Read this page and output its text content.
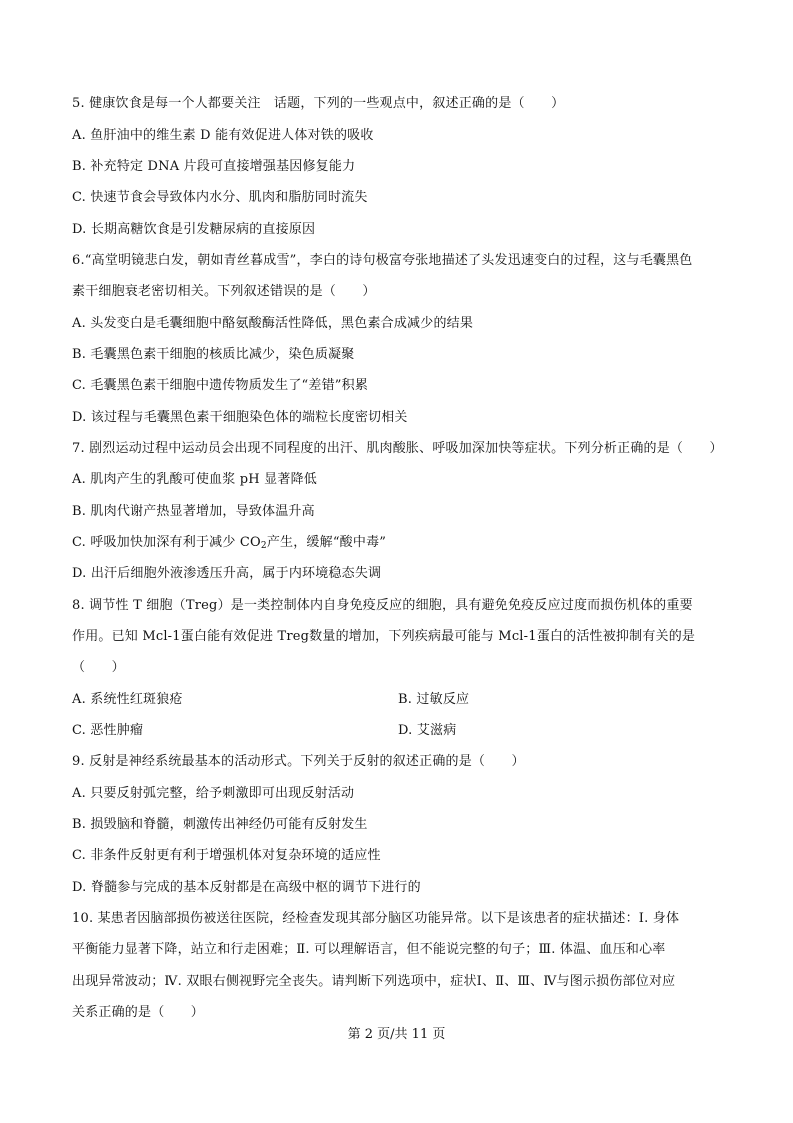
5. 健康饮食是每一个人都要关注　话题，下列的一些观点中，叙述正确的是（　　）
A. 鱼肝油中的维生素 D 能有效促进人体对铁的吸收
B. 补充特定 DNA 片段可直接增强基因修复能力
C. 快速节食会导致体内水分、肌肉和脂肪同时流失
D. 长期高糖饮食是引发糖尿病的直接原因
6.“高堂明镜悲白发，朝如青丝暮成雪”，李白的诗句极富夸张地描述了头发迅速变白的过程，这与毛囊黑色
素干细胞衰老密切相关。下列叙述错误的是（　　）
A. 头发变白是毛囊细胞中酪氨酸酶活性降低，黑色素合成减少的结果
B. 毛囊黑色素干细胞的核质比减少，染色质凝聚
C. 毛囊黑色素干细胞中遗传物质发生了“差错”积累
D. 该过程与毛囊黑色素干细胞染色体的端粒长度密切相关
7. 剧烈运动过程中运动员会出现不同程度的出汗、肌肉酸胀、呼吸加深加快等症状。下列分析正确的是（　　）
A. 肌肉产生的乳酸可使血浆 pH 显著降低
B. 肌肉代谢产热显著增加，导致体温升高
C. 呼吸加快加深有利于减少 $CO_2$产生，缓解“酸中毒”
D. 出汗后细胞外液渗透压升高，属于内环境稳态失调
8. 调节性 T 细胞（Treg）是一类控制体内自身免疫反应的细胞，具有避免免疫反应过度而损伤机体的重要
作用。已知 Mcl-1蛋白能有效促进 Treg数量的增加，下列疾病最可能与 Mcl-1蛋白的活性被抑制有关的是
（　　）
A. 系统性红斑狼疮	B. 过敏反应
C. 恶性肿瘤	D. 艾滋病
9. 反射是神经系统最基本的活动形式。下列关于反射的叙述正确的是（　　）
A. 只要反射弧完整，给予刺激即可出现反射活动
B. 损毁脑和脊髓，刺激传出神经仍可能有反射发生
C. 非条件反射更有利于增强机体对复杂环境的适应性
D. 脊髓参与完成的基本反射都是在高级中枢的调节下进行的
10. 某患者因脑部损伤被送往医院，经检查发现其部分脑区功能异常。以下是该患者的症状描述：Ⅰ. 身体
平衡能力显著下降，站立和行走困难；Ⅱ. 可以理解语言，但不能说完整的句子；Ⅲ. 体温、血压和心率
出现异常波动；Ⅳ. 双眼右侧视野完全丧失。请判断下列选项中，症状Ⅰ、Ⅱ、Ⅲ、Ⅳ与图示损伤部位对应
关系正确的是（　　）
第 2 页/共 11 页
